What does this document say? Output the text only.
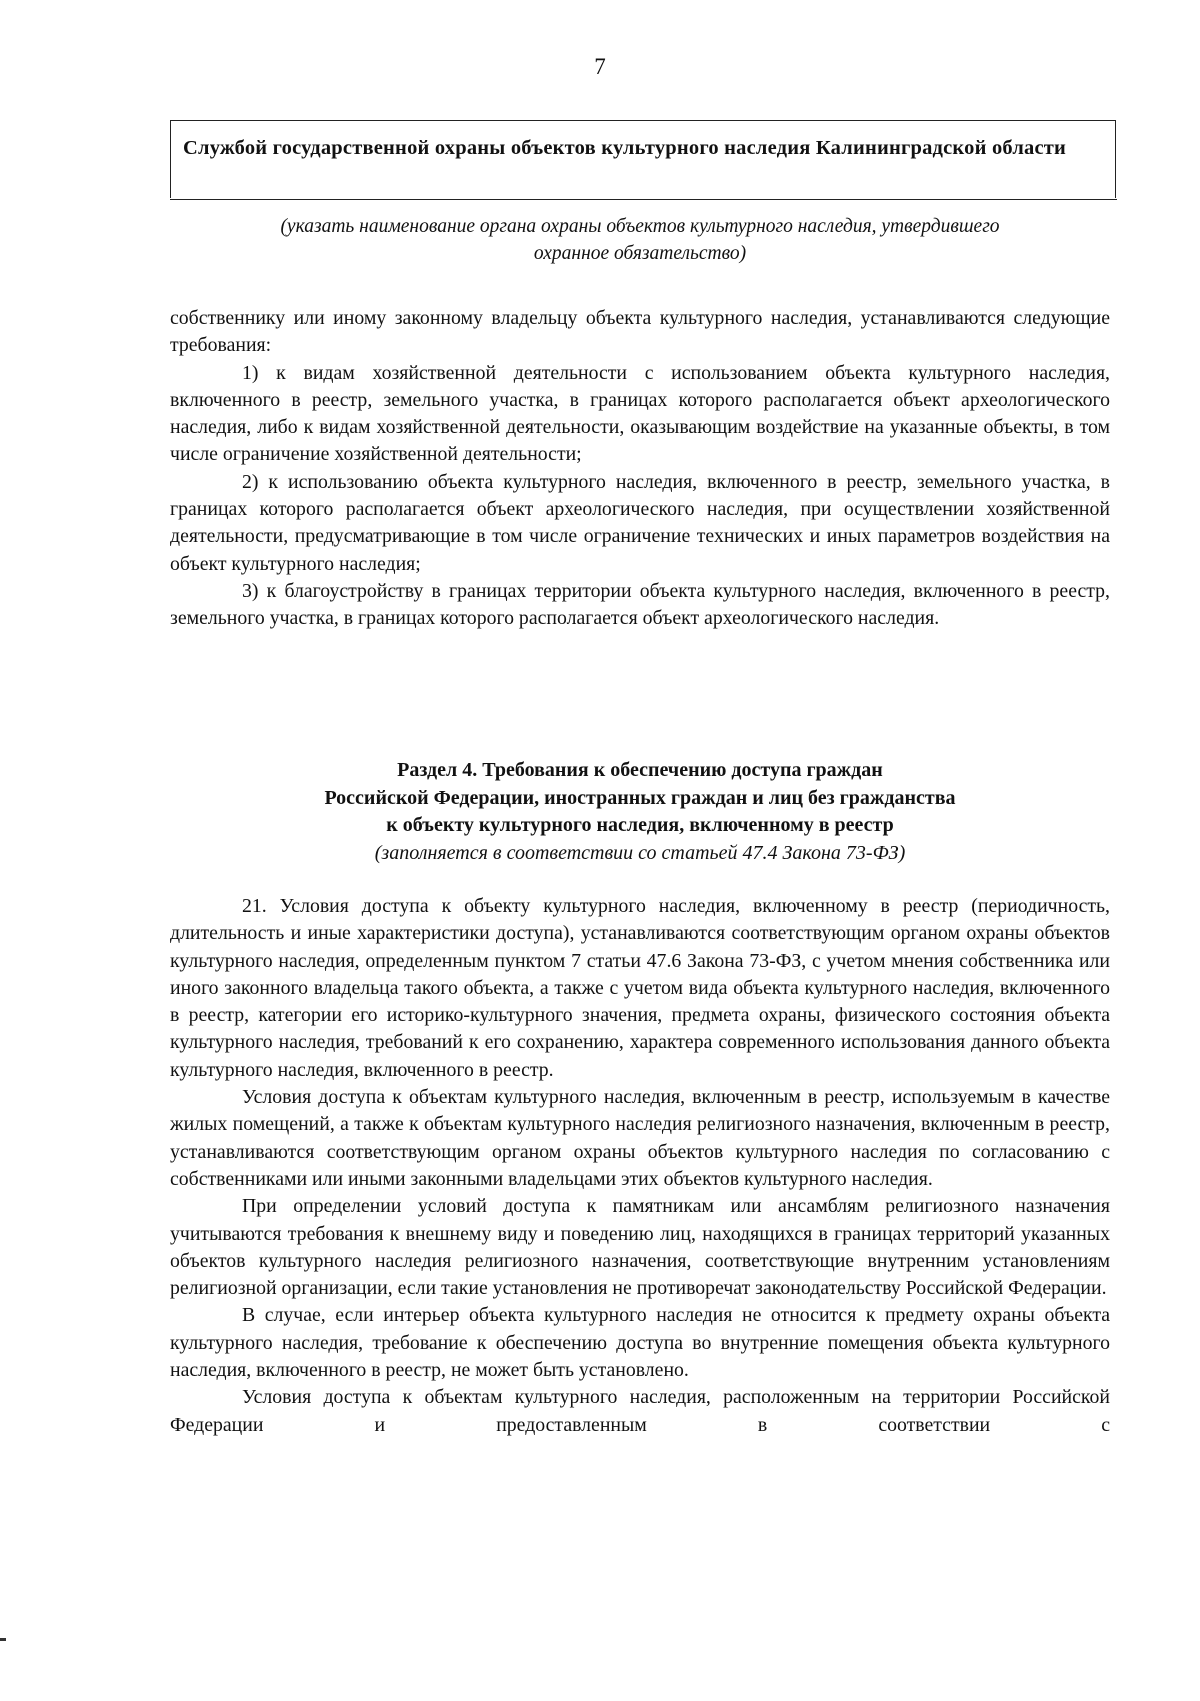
7
Службой государственной охраны объектов культурного наследия Калининградской области
(указать наименование органа охраны объектов культурного наследия, утвердившего
охранное обязательство)

собственнику или иному законному владельцу объекта культурного наследия, устанавливаются следующие требования:

1) к видам хозяйственной деятельности с использованием объекта культурного наследия, включенного в реестр, земельного участка, в границах которого располагается объект археологического наследия, либо к видам хозяйственной деятельности, оказывающим воздействие на указанные объекты, в том числе ограничение хозяйственной деятельности;

2) к использованию объекта культурного наследия, включенного в реестр, земельного участка, в границах которого располагается объект археологического наследия, при осуществлении хозяйственной деятельности, предусматривающие в том числе ограничение технических и иных параметров воздействия на объект культурного наследия;

3) к благоустройству в границах территории объекта культурного наследия, включенного в реестр, земельного участка, в границах которого располагается объект археологического наследия.

Раздел 4. Требования к обеспечению доступа граждан
Российской Федерации, иностранных граждан и лиц без гражданства
к объекту культурного наследия, включенному в реестр
(заполняется в соответствии со статьей 47.4 Закона 73-ФЗ)

21. Условия доступа к объекту культурного наследия, включенному в реестр (периодичность, длительность и иные характеристики доступа), устанавливаются соответствующим органом охраны объектов культурного наследия, определенным пунктом 7 статьи 47.6 Закона 73-ФЗ, с учетом мнения собственника или иного законного владельца такого объекта, а также с учетом вида объекта культурного наследия, включенного в реестр, категории его историко-культурного значения, предмета охраны, физического состояния объекта культурного наследия, требований к его сохранению, характера современного использования данного объекта культурного наследия, включенного в реестр.

Условия доступа к объектам культурного наследия, включенным в реестр, используемым в качестве жилых помещений, а также к объектам культурного наследия религиозного назначения, включенным в реестр, устанавливаются соответствующим органом охраны объектов культурного наследия по согласованию с собственниками или иными законными владельцами этих объектов культурного наследия.

При определении условий доступа к памятникам или ансамблям религиозного назначения учитываются требования к внешнему виду и поведению лиц, находящихся в границах территорий указанных объектов культурного наследия религиозного назначения, соответствующие внутренним установлениям религиозной организации, если такие установления не противоречат законодательству Российской Федерации.

В случае, если интерьер объекта культурного наследия не относится к предмету охраны объекта культурного наследия, требование к обеспечению доступа во внутренние помещения объекта культурного наследия, включенного в реестр, не может быть установлено.

Условия доступа к объектам культурного наследия, расположенным на территории Российской Федерации и предоставленным в соответствии с
